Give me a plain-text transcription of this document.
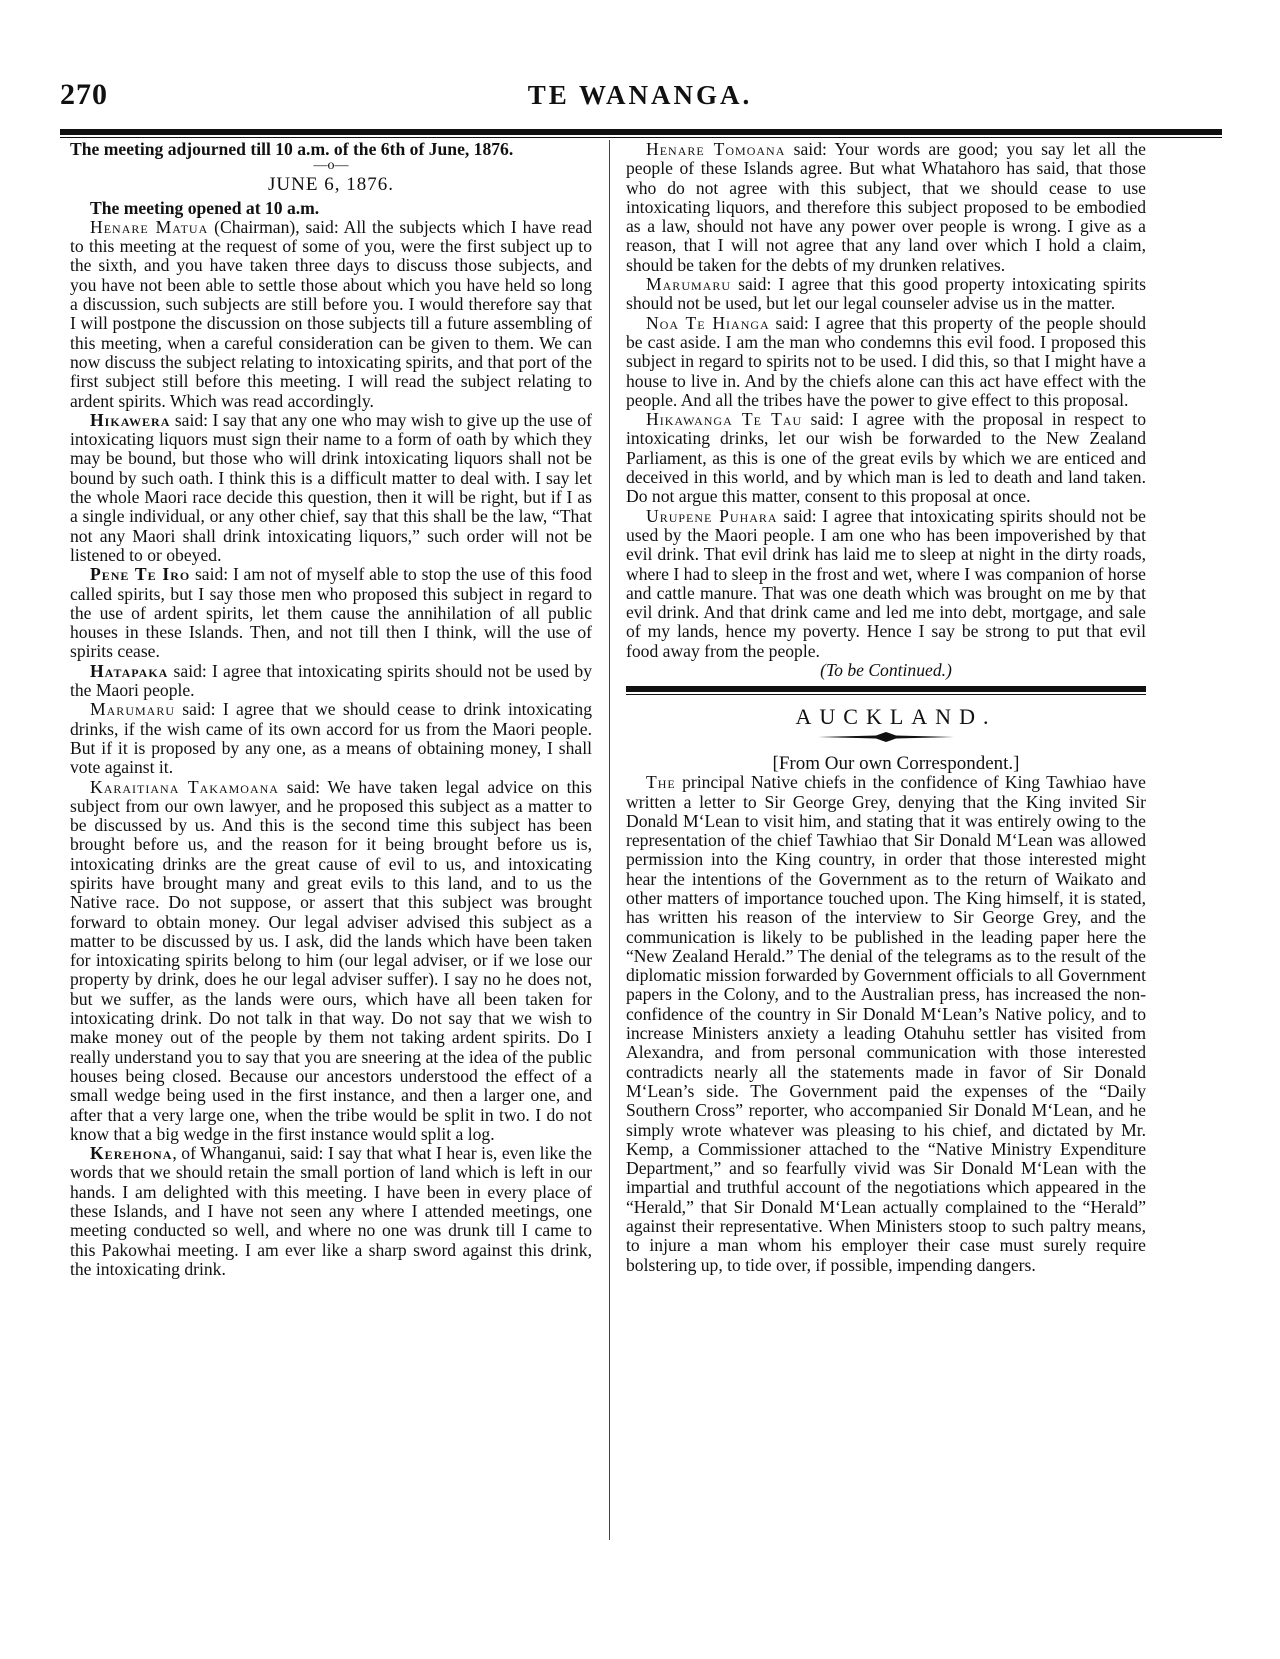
270	TE WANANGA.

The meeting adjourned till 10 a.m. of the 6th of June, 1876.

—o—

JUNE 6, 1876.

The meeting opened at 10 a.m.

Henare Matua (Chairman), said: All the subjects which I have read to this meeting at the request of some of you, were the first subject up to the sixth, and you have taken three days to discuss those subjects, and you have not been able to settle those about which you have held so long a discussion, such subjects are still before you. I would therefore say that I will postpone the discussion on those subjects till a future assembling of this meeting, when a careful consideration can be given to them. We can now discuss the subject relating to intoxicating spirits, and that port of the first subject still before this meeting. I will read the subject relating to ardent spirits. Which was read accordingly.

Hikawera said: I say that any one who may wish to give up the use of intoxicating liquors must sign their name to a form of oath by which they may be bound, but those who will drink intoxicating liquors shall not be bound by such oath. I think this is a difficult matter to deal with. I say let the whole Maori race decide this question, then it will be right, but if I as a single individual, or any other chief, say that this shall be the law, “That not any Maori shall drink intoxicating liquors,” such order will not be listened to or obeyed.

Pene Te Iro said: I am not of myself able to stop the use of this food called spirits, but I say those men who proposed this subject in regard to the use of ardent spirits, let them cause the annihilation of all public houses in these Islands. Then, and not till then I think, will the use of spirits cease.

Hatapaka said: I agree that intoxicating spirits should not be used by the Maori people.

Marumaru said: I agree that we should cease to drink intoxicating drinks, if the wish came of its own accord for us from the Maori people. But if it is proposed by any one, as a means of obtaining money, I shall vote against it.

Karaitiana Takamoana said: We have taken legal advice on this subject from our own lawyer, and he proposed this subject as a matter to be discussed by us. And this is the second time this subject has been brought before us, and the reason for it being brought before us is, intoxicating drinks are the great cause of evil to us, and intoxicating spirits have brought many and great evils to this land, and to us the Native race. Do not suppose, or assert that this subject was brought forward to obtain money. Our legal adviser advised this subject as a matter to be discussed by us. I ask, did the lands which have been taken for intoxicating spirits belong to him (our legal adviser, or if we lose our property by drink, does he our legal adviser suffer). I say no he does not, but we suffer, as the lands were ours, which have all been taken for intoxicating drink. Do not talk in that way. Do not say that we wish to make money out of the people by them not taking ardent spirits. Do I really understand you to say that you are sneering at the idea of the public houses being closed. Because our ancestors understood the effect of a small wedge being used in the first instance, and then a larger one, and after that a very large one, when the tribe would be split in two. I do not know that a big wedge in the first instance would split a log.

Kerehona, of Whanganui, said: I say that what I hear is, even like the words that we should retain the small portion of land which is left in our hands. I am delighted with this meeting. I have been in every place of these Islands, and I have not seen any where I attended meetings, one meeting conducted so well, and where no one was drunk till I came to this Pakowhai meeting. I am ever like a sharp sword against this drink, the intoxicating drink.

Henare Tomoana said: Your words are good; you say let all the people of these Islands agree. But what Whatahoro has said, that those who do not agree with this subject, that we should cease to use intoxicating liquors, and therefore this subject proposed to be embodied as a law, should not have any power over people is wrong. I give as a reason, that I will not agree that any land over which I hold a claim, should be taken for the debts of my drunken relatives.

Marumaru said: I agree that this good property intoxicating spirits should not be used, but let our legal counseler advise us in the matter.

Noa Te Hianga said: I agree that this property of the people should be cast aside. I am the man who condemns this evil food. I proposed this subject in regard to spirits not to be used. I did this, so that I might have a house to live in. And by the chiefs alone can this act have effect with the people. And all the tribes have the power to give effect to this proposal.

Hikawanga Te Tau said: I agree with the proposal in respect to intoxicating drinks, let our wish be forwarded to the New Zealand Parliament, as this is one of the great evils by which we are enticed and deceived in this world, and by which man is led to death and land taken. Do not argue this matter, consent to this proposal at once.

Urupene Puhara said: I agree that intoxicating spirits should not be used by the Maori people. I am one who has been impoverished by that evil drink. That evil drink has laid me to sleep at night in the dirty roads, where I had to sleep in the frost and wet, where I was companion of horse and cattle manure. That was one death which was brought on me by that evil drink. And that drink came and led me into debt, mortgage, and sale of my lands, hence my poverty. Hence I say be strong to put that evil food away from the people.

(To be Continued.)

AUCKLAND.

[From Our own Correspondent.]

The principal Native chiefs in the confidence of King Tawhiao have written a letter to Sir George Grey, denying that the King invited Sir Donald M‘Lean to visit him, and stating that it was entirely owing to the representation of the chief Tawhiao that Sir Donald M‘Lean was allowed permission into the King country, in order that those interested might hear the intentions of the Government as to the return of Waikato and other matters of importance touched upon. The King himself, it is stated, has written his reason of the interview to Sir George Grey, and the communication is likely to be published in the leading paper here the “New Zealand Herald.” The denial of the telegrams as to the result of the diplomatic mission forwarded by Government officials to all Government papers in the Colony, and to the Australian press, has increased the non-confidence of the country in Sir Donald M‘Lean’s Native policy, and to increase Ministers anxiety a leading Otahuhu settler has visited from Alexandra, and from personal communication with those interested contradicts nearly all the statements made in favor of Sir Donald M‘Lean’s side. The Government paid the expenses of the “Daily Southern Cross” reporter, who accompanied Sir Donald M‘Lean, and he simply wrote whatever was pleasing to his chief, and dictated by Mr. Kemp, a Commissioner attached to the “Native Ministry Expenditure Department,” and so fearfully vivid was Sir Donald M‘Lean with the impartial and truthful account of the negotiations which appeared in the “Herald,” that Sir Donald M‘Lean actually complained to the “Herald” against their representative. When Ministers stoop to such paltry means, to injure a man whom his employer their case must surely require bolstering up, to tide over, if possible, impending dangers.
